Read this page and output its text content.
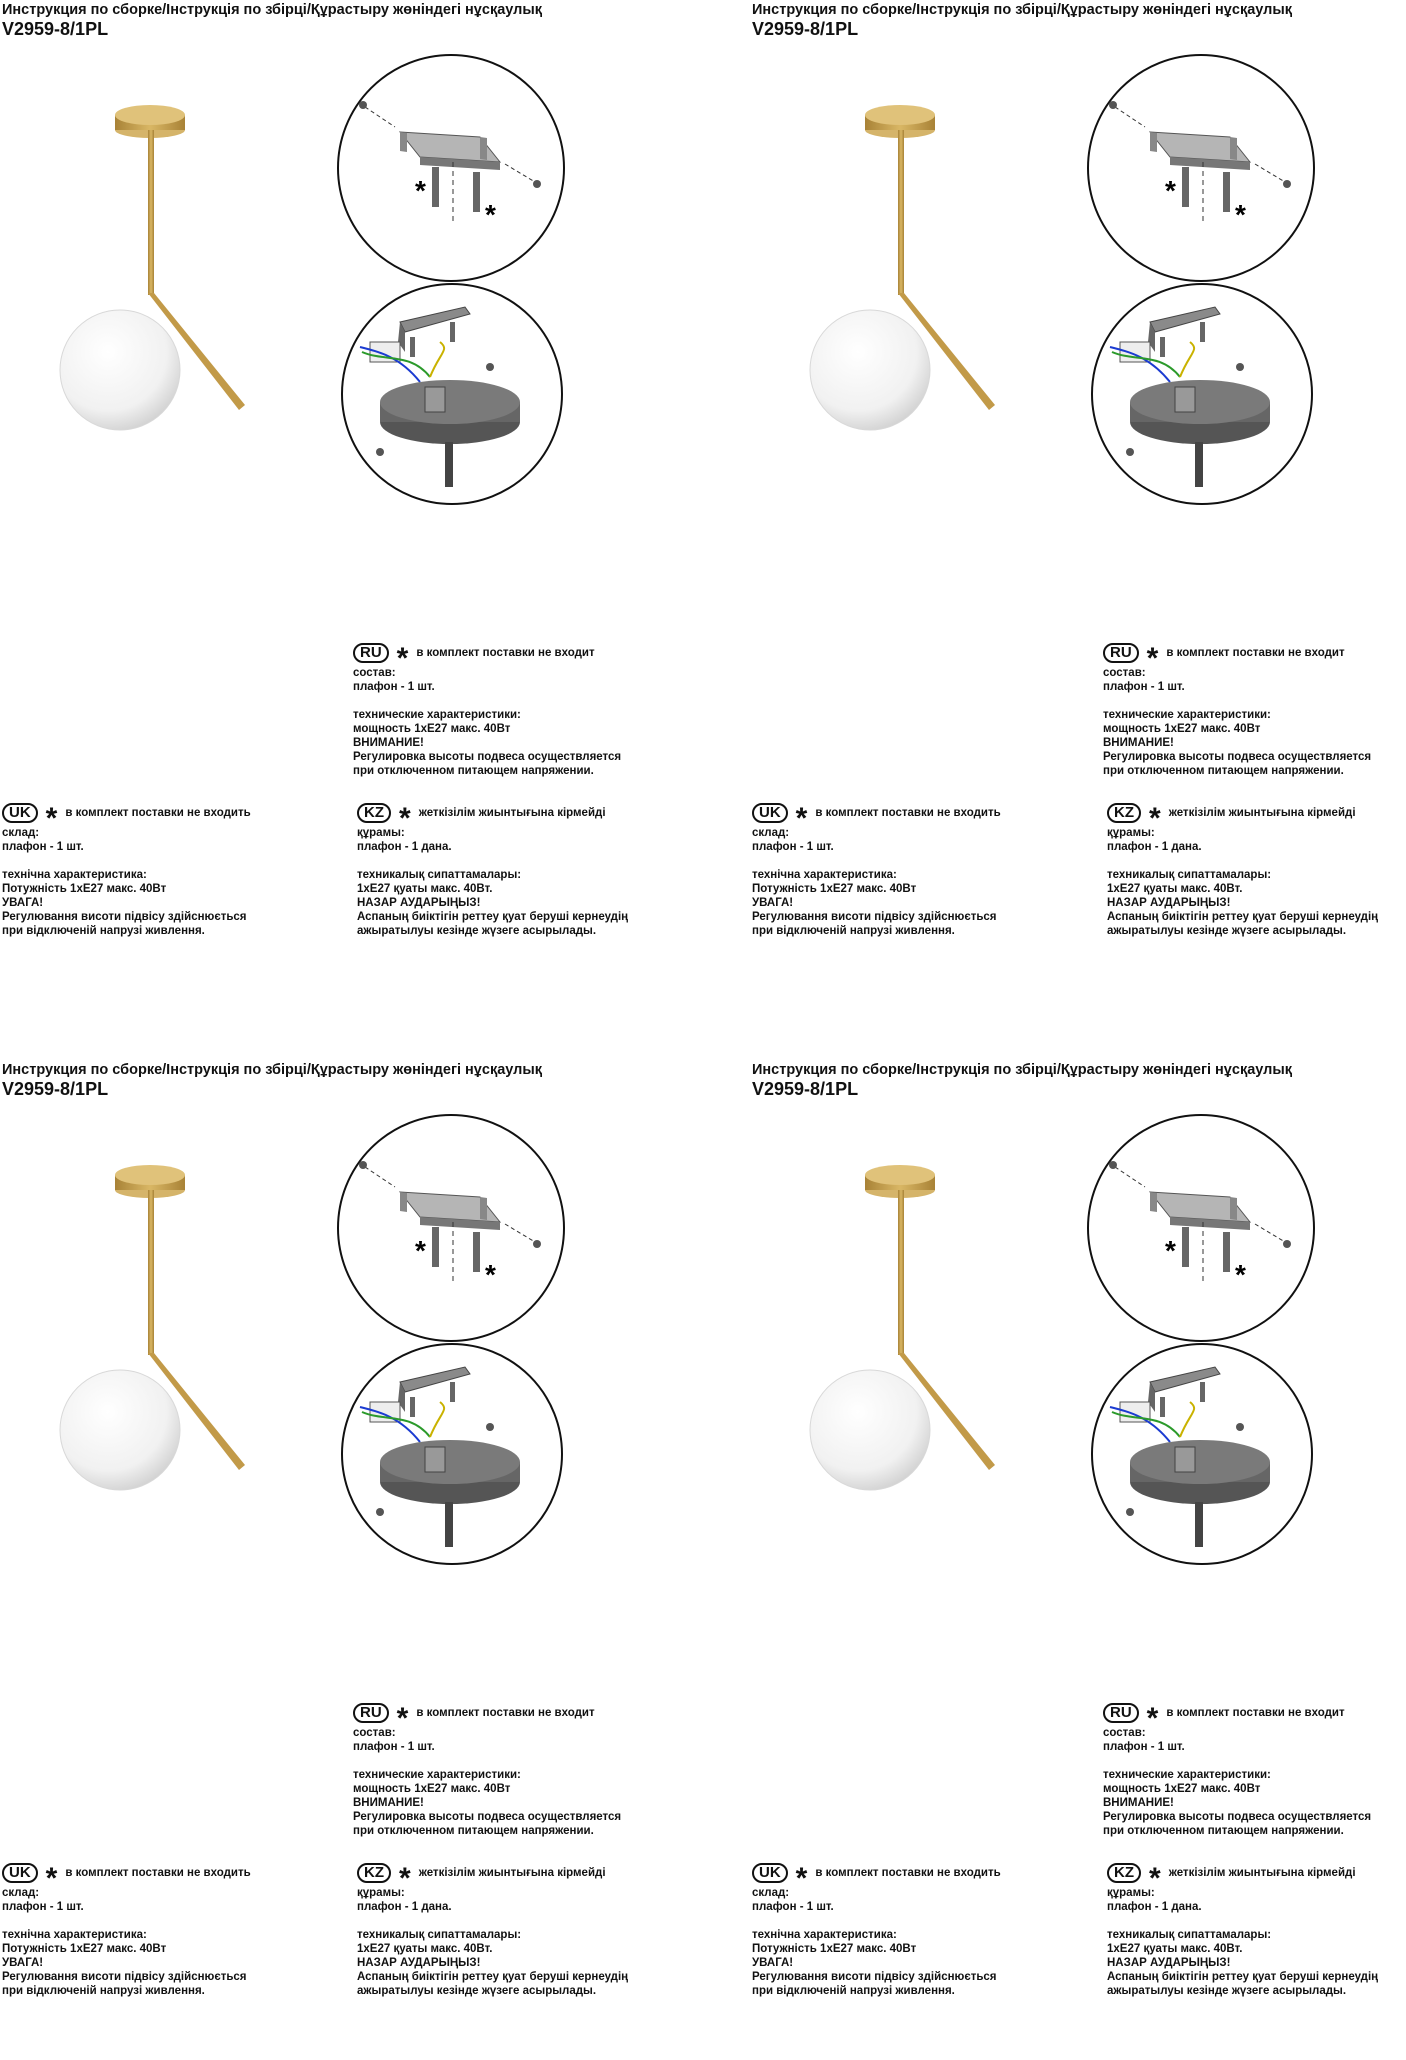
Инструкция по сборке/Інструкція по збірці/Құрастыру жөніндегі нұсқаулық
V2959-8/1PL
*
*
RU * в комплект поставки не входит
состав:
плафон - 1 шт.
технические характеристики:
мощность 1хЕ27 макс. 40Вт
ВНИМАНИЕ!
Регулировка высоты подвеса осуществляется
при отключенном питающем напряжении.
UK * в комплект поставки не входить
склад:
плафон - 1 шт.
технічна характеристика:
Потужність 1хЕ27 макс. 40Вт
УВАГА!
Регулювання висоти підвісу здійснюється
при відключеній напрузі живлення.
KZ * жеткізілім жиынтығына кірмейді
құрамы:
плафон - 1 дана.
техникалық сипаттамалары:
1хЕ27 қуаты макс. 40Вт.
НАЗАР АУДАРЫҢЫЗ!
Аспаның биіктігін реттеу қуат беруші кернеудің
ажыратылуы кезінде жүзеге асырылады.
Инструкция по сборке/Інструкція по збірці/Құрастыру жөніндегі нұсқаулық
V2959-8/1PL
*
*
RU * в комплект поставки не входит
состав:
плафон - 1 шт.
технические характеристики:
мощность 1хЕ27 макс. 40Вт
ВНИМАНИЕ!
Регулировка высоты подвеса осуществляется
при отключенном питающем напряжении.
UK * в комплект поставки не входить
склад:
плафон - 1 шт.
технічна характеристика:
Потужність 1хЕ27 макс. 40Вт
УВАГА!
Регулювання висоти підвісу здійснюється
при відключеній напрузі живлення.
KZ * жеткізілім жиынтығына кірмейді
құрамы:
плафон - 1 дана.
техникалық сипаттамалары:
1хЕ27 қуаты макс. 40Вт.
НАЗАР АУДАРЫҢЫЗ!
Аспаның биіктігін реттеу қуат беруші кернеудің
ажыратылуы кезінде жүзеге асырылады.
Инструкция по сборке/Інструкція по збірці/Құрастыру жөніндегі нұсқаулық
V2959-8/1PL
*
*
RU * в комплект поставки не входит
состав:
плафон - 1 шт.
технические характеристики:
мощность 1хЕ27 макс. 40Вт
ВНИМАНИЕ!
Регулировка высоты подвеса осуществляется
при отключенном питающем напряжении.
UK * в комплект поставки не входить
склад:
плафон - 1 шт.
технічна характеристика:
Потужність 1хЕ27 макс. 40Вт
УВАГА!
Регулювання висоти підвісу здійснюється
при відключеній напрузі живлення.
KZ * жеткізілім жиынтығына кірмейді
құрамы:
плафон - 1 дана.
техникалық сипаттамалары:
1хЕ27 қуаты макс. 40Вт.
НАЗАР АУДАРЫҢЫЗ!
Аспаның биіктігін реттеу қуат беруші кернеудің
ажыратылуы кезінде жүзеге асырылады.
Инструкция по сборке/Інструкція по збірці/Құрастыру жөніндегі нұсқаулық
V2959-8/1PL
*
*
RU * в комплект поставки не входит
состав:
плафон - 1 шт.
технические характеристики:
мощность 1хЕ27 макс. 40Вт
ВНИМАНИЕ!
Регулировка высоты подвеса осуществляется
при отключенном питающем напряжении.
UK * в комплект поставки не входить
склад:
плафон - 1 шт.
технічна характеристика:
Потужність 1хЕ27 макс. 40Вт
УВАГА!
Регулювання висоти підвісу здійснюється
при відключеній напрузі живлення.
KZ * жеткізілім жиынтығына кірмейді
құрамы:
плафон - 1 дана.
техникалық сипаттамалары:
1хЕ27 қуаты макс. 40Вт.
НАЗАР АУДАРЫҢЫЗ!
Аспаның биіктігін реттеу қуат беруші кернеудің
ажыратылуы кезінде жүзеге асырылады.
